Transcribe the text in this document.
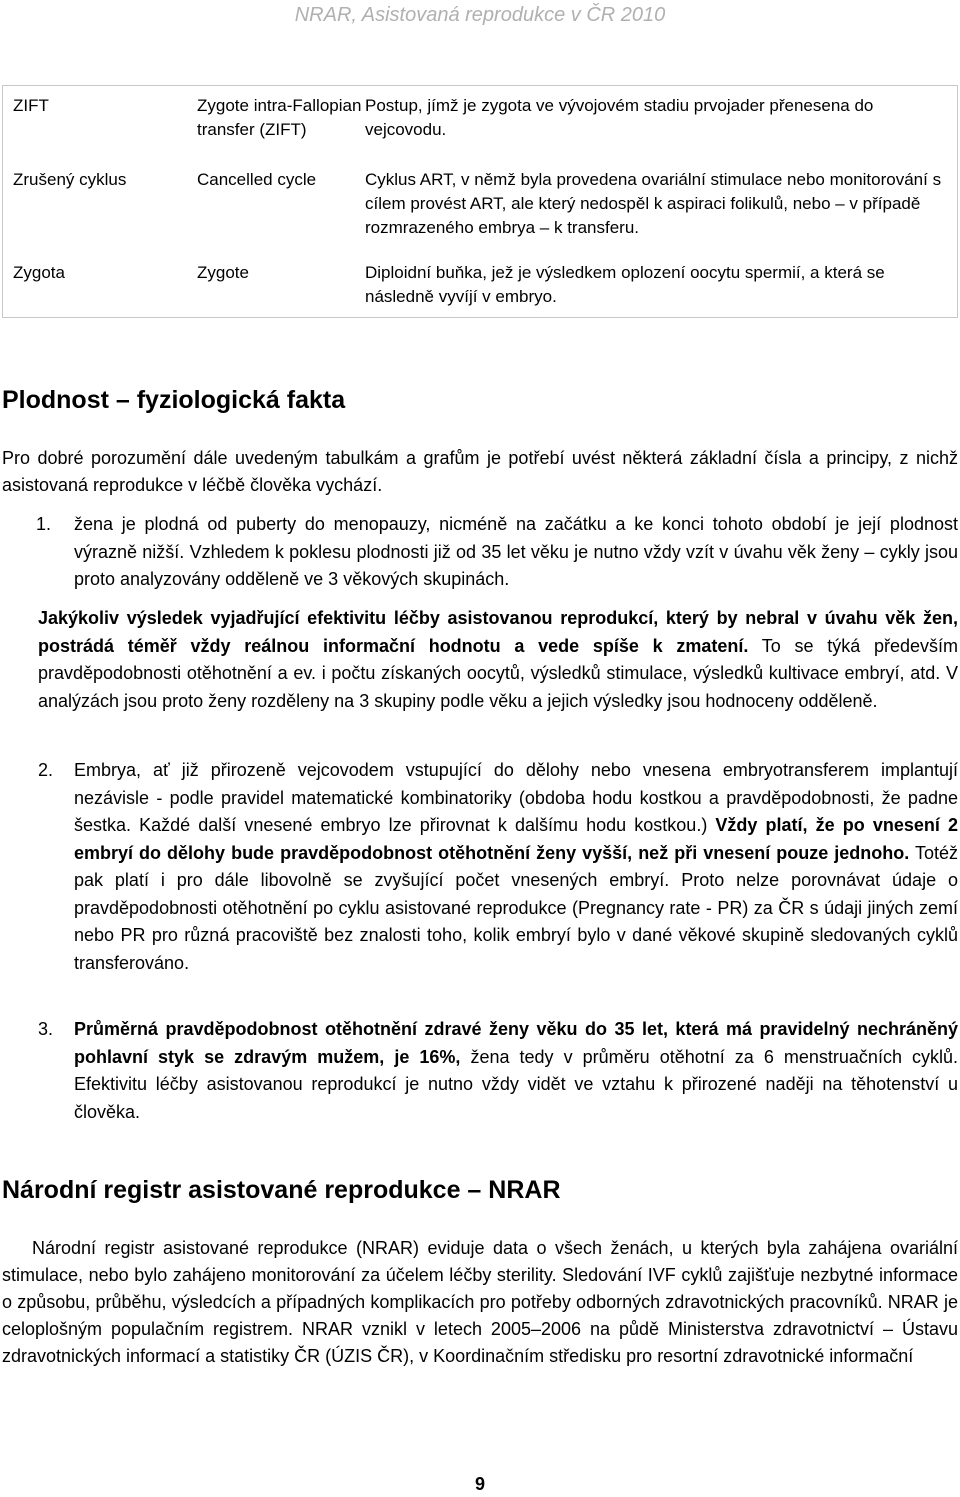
NRAR, Asistovaná reprodukce v ČR 2010
ZIFT	Zygote intra-Fallopian transfer (ZIFT)	Postup, jímž je zygota ve vývojovém stadiu prvojader přenesena do vejcovodu.
Zrušený cyklus	Cancelled cycle	Cyklus ART, v němž byla provedena ovariální stimulace nebo monitorování s cílem provést ART, ale který nedospěl k aspiraci folikulů, nebo – v případě rozmrazeného embrya – k transferu.
Zygota	Zygote	Diploidní buňka, jež je výsledkem oplození oocytu spermií, a která se následně vyvíjí v embryo.
Plodnost – fyziologická fakta

Pro dobré porozumění dále uvedeným tabulkám a grafům je potřebí uvést některá základní čísla a principy, z nichž asistovaná reprodukce v léčbě člověka vychází.

1. žena je plodná od puberty do menopauzy, nicméně na začátku a ke konci tohoto období je její plodnost výrazně nižší. Vzhledem k poklesu plodnosti již od 35 let věku je nutno vždy vzít v úvahu věk ženy – cykly jsou proto analyzovány odděleně ve 3 věkových skupinách.
Jakýkoliv výsledek vyjadřující efektivitu léčby asistovanou reprodukcí, který by nebral v úvahu věk žen, postrádá téměř vždy reálnou informační hodnotu a vede spíše k zmatení. To se týká především pravděpodobnosti otěhotnění a ev. i počtu získaných oocytů, výsledků stimulace, výsledků kultivace embryí, atd. V analýzách jsou proto ženy rozděleny na 3 skupiny podle věku a jejich výsledky jsou hodnoceny odděleně.
2. Embrya, ať již přirozeně vejcovodem vstupující do dělohy nebo vnesena embryotransferem implantují nezávisle - podle pravidel matematické kombinatoriky (obdoba hodu kostkou a pravděpodobnosti, že padne šestka. Každé další vnesené embryo lze přirovnat k dalšímu hodu kostkou.) Vždy platí, že po vnesení 2 embryí do dělohy bude pravděpodobnost otěhotnění ženy vyšší, než při vnesení pouze jednoho. Totéž pak platí i pro dále libovolně se zvyšující počet vnesených embryí. Proto nelze porovnávat údaje o pravděpodobnosti otěhotnění po cyklu asistované reprodukce (Pregnancy rate - PR) za ČR s údaji jiných zemí nebo PR pro různá pracoviště bez znalosti toho, kolik embryí bylo v dané věkové skupině sledovaných cyklů transferováno.
3. Průměrná pravděpodobnost otěhotnění zdravé ženy věku do 35 let, která má pravidelný nechráněný pohlavní styk se zdravým mužem, je 16%, žena tedy v průměru otěhotní za 6 menstruačních cyklů. Efektivitu léčby asistovanou reprodukcí je nutno vždy vidět ve vztahu k přirozené naději na těhotenství u člověka.
Národní registr asistované reprodukce – NRAR

Národní registr asistované reprodukce (NRAR) eviduje data o všech ženách, u kterých byla zahájena ovariální stimulace, nebo bylo zahájeno monitorování za účelem léčby sterility. Sledování IVF cyklů zajišťuje nezbytné informace o způsobu, průběhu, výsledcích a případných komplikacích pro potřeby odborných zdravotnických pracovníků. NRAR je celoplošným populačním registrem. NRAR vznikl v letech 2005–2006 na půdě Ministerstva zdravotnictví – Ústavu zdravotnických informací a statistiky ČR (ÚZIS ČR), v Koordinačním středisku pro resortní zdravotnické informační

9
